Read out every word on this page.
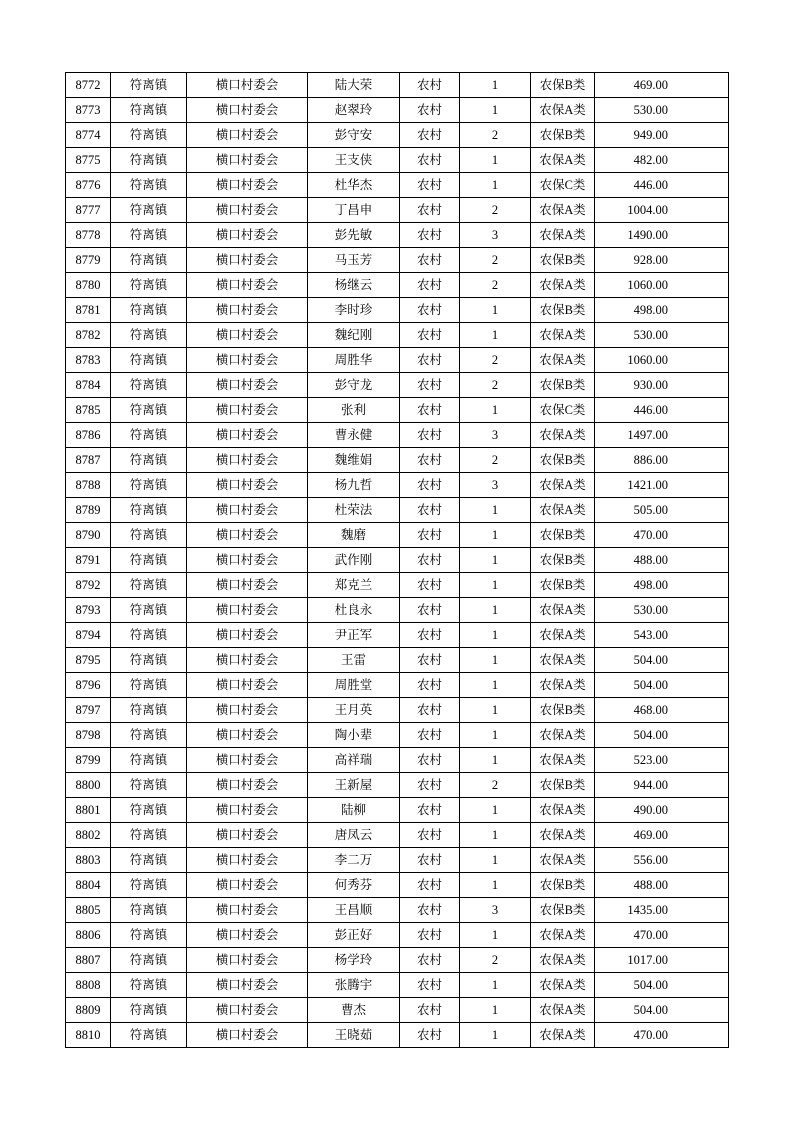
8772	符离镇	横口村委会	陆大荣	农村	1	农保B类	469.00
8773	符离镇	横口村委会	赵翠玲	农村	1	农保A类	530.00
8774	符离镇	横口村委会	彭守安	农村	2	农保B类	949.00
8775	符离镇	横口村委会	王支侠	农村	1	农保A类	482.00
8776	符离镇	横口村委会	杜华杰	农村	1	农保C类	446.00
8777	符离镇	横口村委会	丁昌申	农村	2	农保A类	1004.00
8778	符离镇	横口村委会	彭先敏	农村	3	农保A类	1490.00
8779	符离镇	横口村委会	马玉芳	农村	2	农保B类	928.00
8780	符离镇	横口村委会	杨继云	农村	2	农保A类	1060.00
8781	符离镇	横口村委会	李时珍	农村	1	农保B类	498.00
8782	符离镇	横口村委会	魏纪刚	农村	1	农保A类	530.00
8783	符离镇	横口村委会	周胜华	农村	2	农保A类	1060.00
8784	符离镇	横口村委会	彭守龙	农村	2	农保B类	930.00
8785	符离镇	横口村委会	张利	农村	1	农保C类	446.00
8786	符离镇	横口村委会	曹永健	农村	3	农保A类	1497.00
8787	符离镇	横口村委会	魏维娟	农村	2	农保B类	886.00
8788	符离镇	横口村委会	杨九哲	农村	3	农保A类	1421.00
8789	符离镇	横口村委会	杜荣法	农村	1	农保A类	505.00
8790	符离镇	横口村委会	魏磨	农村	1	农保B类	470.00
8791	符离镇	横口村委会	武作刚	农村	1	农保B类	488.00
8792	符离镇	横口村委会	郑克兰	农村	1	农保B类	498.00
8793	符离镇	横口村委会	杜良永	农村	1	农保A类	530.00
8794	符离镇	横口村委会	尹正军	农村	1	农保A类	543.00
8795	符离镇	横口村委会	王雷	农村	1	农保A类	504.00
8796	符离镇	横口村委会	周胜堂	农村	1	农保A类	504.00
8797	符离镇	横口村委会	王月英	农村	1	农保B类	468.00
8798	符离镇	横口村委会	陶小辈	农村	1	农保A类	504.00
8799	符离镇	横口村委会	高祥瑞	农村	1	农保A类	523.00
8800	符离镇	横口村委会	王新屋	农村	2	农保B类	944.00
8801	符离镇	横口村委会	陆柳	农村	1	农保A类	490.00
8802	符离镇	横口村委会	唐凤云	农村	1	农保A类	469.00
8803	符离镇	横口村委会	李二万	农村	1	农保A类	556.00
8804	符离镇	横口村委会	何秀芬	农村	1	农保B类	488.00
8805	符离镇	横口村委会	王昌顺	农村	3	农保B类	1435.00
8806	符离镇	横口村委会	彭正好	农村	1	农保A类	470.00
8807	符离镇	横口村委会	杨学玲	农村	2	农保A类	1017.00
8808	符离镇	横口村委会	张腾宇	农村	1	农保A类	504.00
8809	符离镇	横口村委会	曹杰	农村	1	农保A类	504.00
8810	符离镇	横口村委会	王晓茹	农村	1	农保A类	470.00
